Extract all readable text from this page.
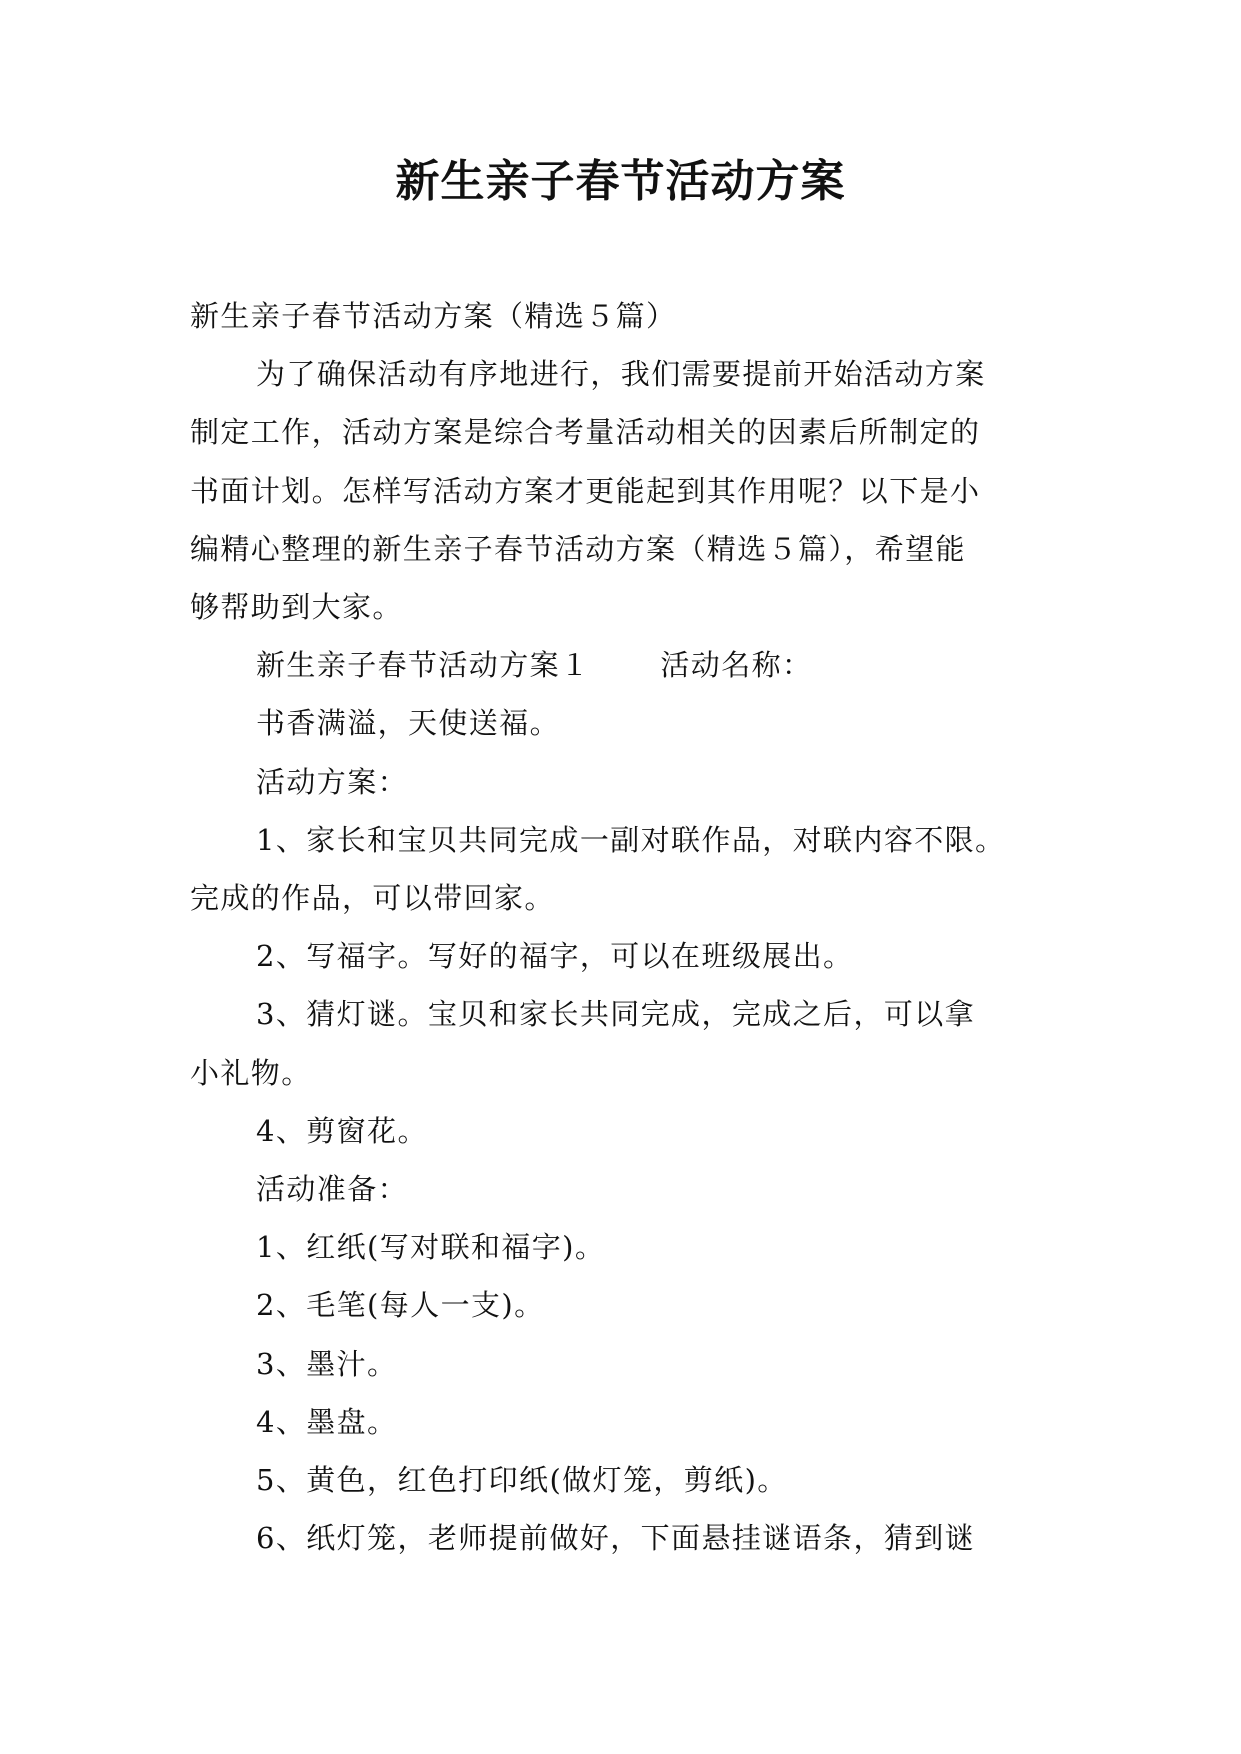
新生亲子春节活动方案

新生亲子春节活动方案（精选５篇）

为了确保活动有序地进行，我们需要提前开始活动方案
制定工作，活动方案是综合考量活动相关的因素后所制定的
书面计划。怎样写活动方案才更能起到其作用呢？以下是小
编精心整理的新生亲子春节活动方案（精选５篇），希望能
够帮助到大家。

新生亲子春节活动方案１ 活动名称：

书香满溢，天使送福。

活动方案：

1、家长和宝贝共同完成一副对联作品，对联内容不限。
完成的作品，可以带回家。

2、写福字。写好的福字，可以在班级展出。

3、猜灯谜。宝贝和家长共同完成，完成之后，可以拿
小礼物。

4、剪窗花。

活动准备：

1、红纸(写对联和福字)。

2、毛笔(每人一支)。

3、墨汁。

4、墨盘。

5、黄色，红色打印纸(做灯笼，剪纸)。

6、纸灯笼，老师提前做好，下面悬挂谜语条，猜到谜
